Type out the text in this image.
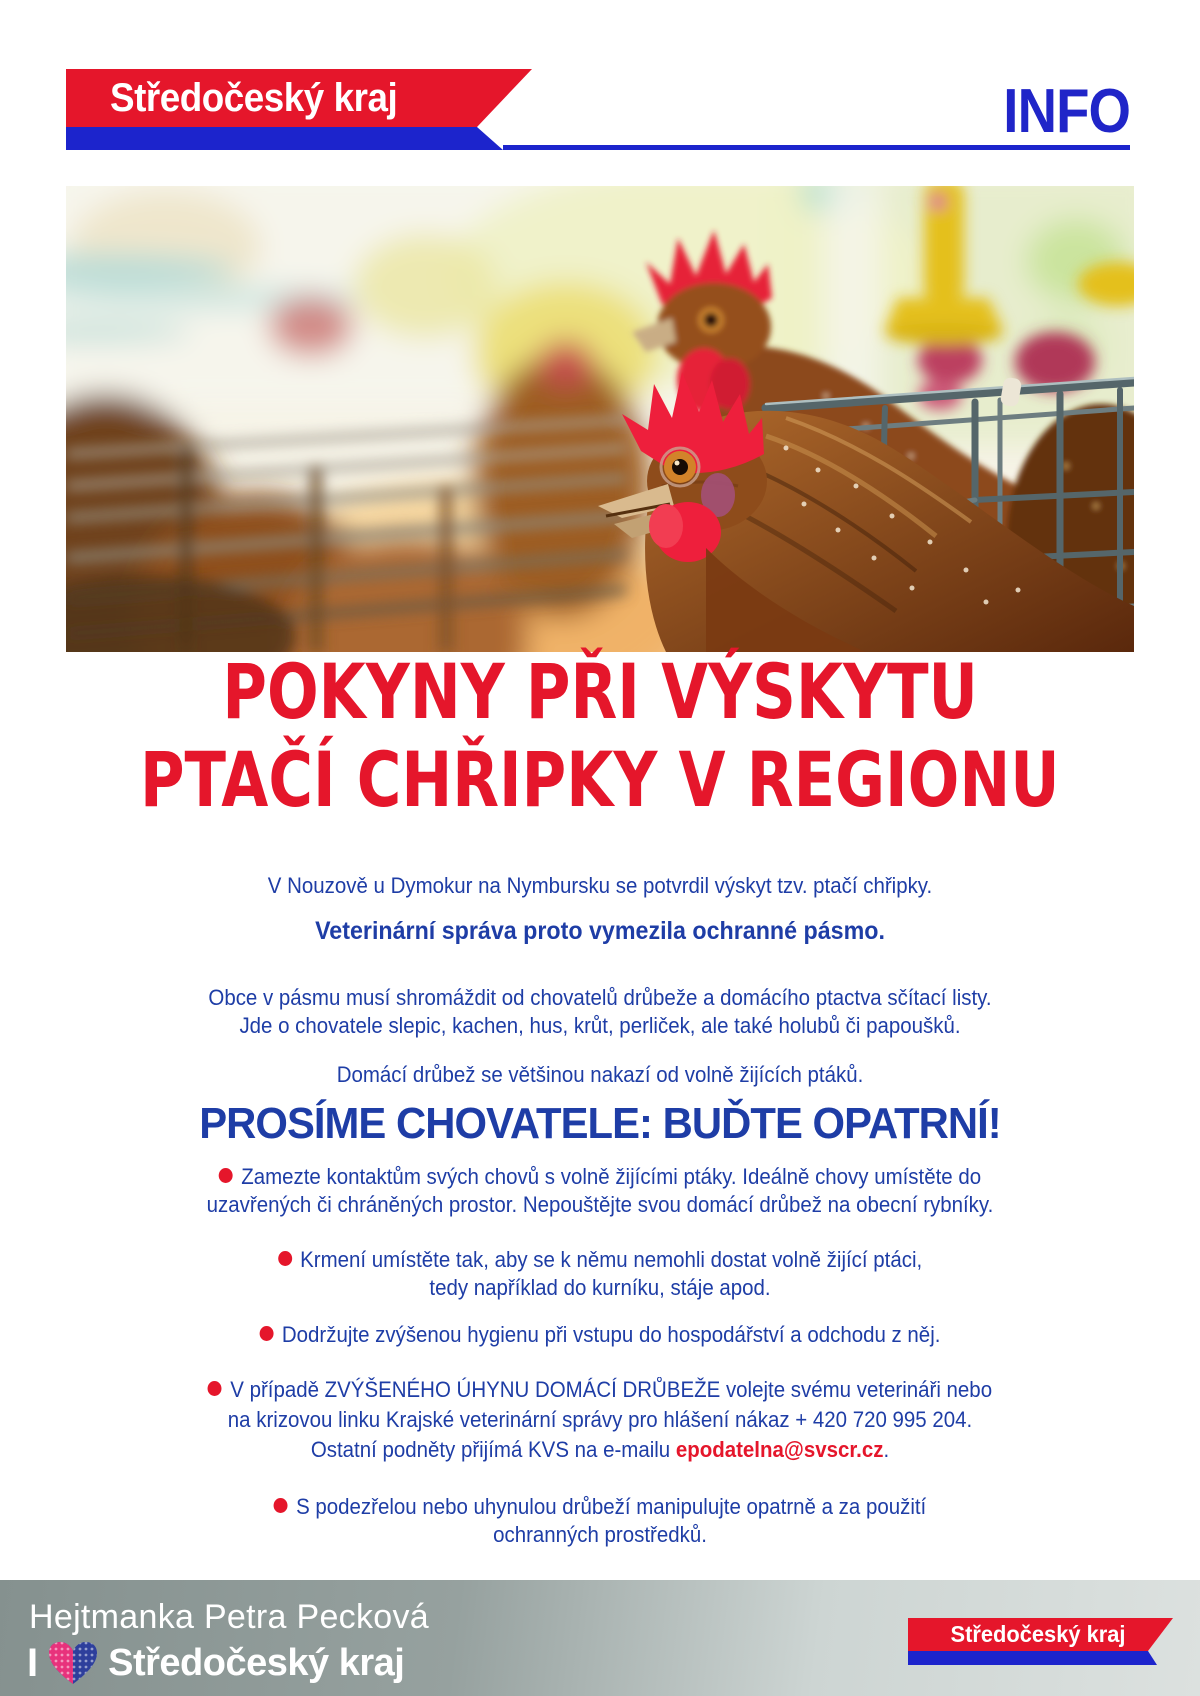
Středočeský kraj	INFO
POKYNY PŘI VÝSKYTU
PTAČÍ CHŘIPKY V REGIONU
V Nouzově u Dymokur na Nymbursku se potvrdil výskyt tzv. ptačí chřipky.
Veterinární správa proto vymezila ochranné pásmo.
Obce v pásmu musí shromáždit od chovatelů drůbeže a domácího ptactva sčítací listy.
Jde o chovatele slepic, kachen, hus, krůt, perliček, ale také holubů či papoušků.
Domácí drůbež se většinou nakazí od volně žijících ptáků.
PROSÍME CHOVATELE: BUĎTE OPATRNÍ!
Zamezte kontaktům svých chovů s volně žijícími ptáky. Ideálně chovy umístěte do
uzavřených či chráněných prostor. Nepouštějte svou domácí drůbež na obecní rybníky.
Krmení umístěte tak, aby se k němu nemohli dostat volně žijící ptáci,
tedy například do kurníku, stáje apod.
Dodržujte zvýšenou hygienu při vstupu do hospodářství a odchodu z něj.
V případě ZVÝŠENÉHO ÚHYNU DOMÁCÍ DRŮBEŽE volejte svému veterináři nebo
na krizovou linku Krajské veterinární správy pro hlášení nákaz + 420 720 995 204.
Ostatní podněty přijímá KVS na e-mailu epodatelna@svscr.cz.
S podezřelou nebo uhynulou drůbeží manipulujte opatrně a za použití
ochranných prostředků.
Hejtmanka Petra Pecková
I Středočeský kraj
Středočeský kraj
